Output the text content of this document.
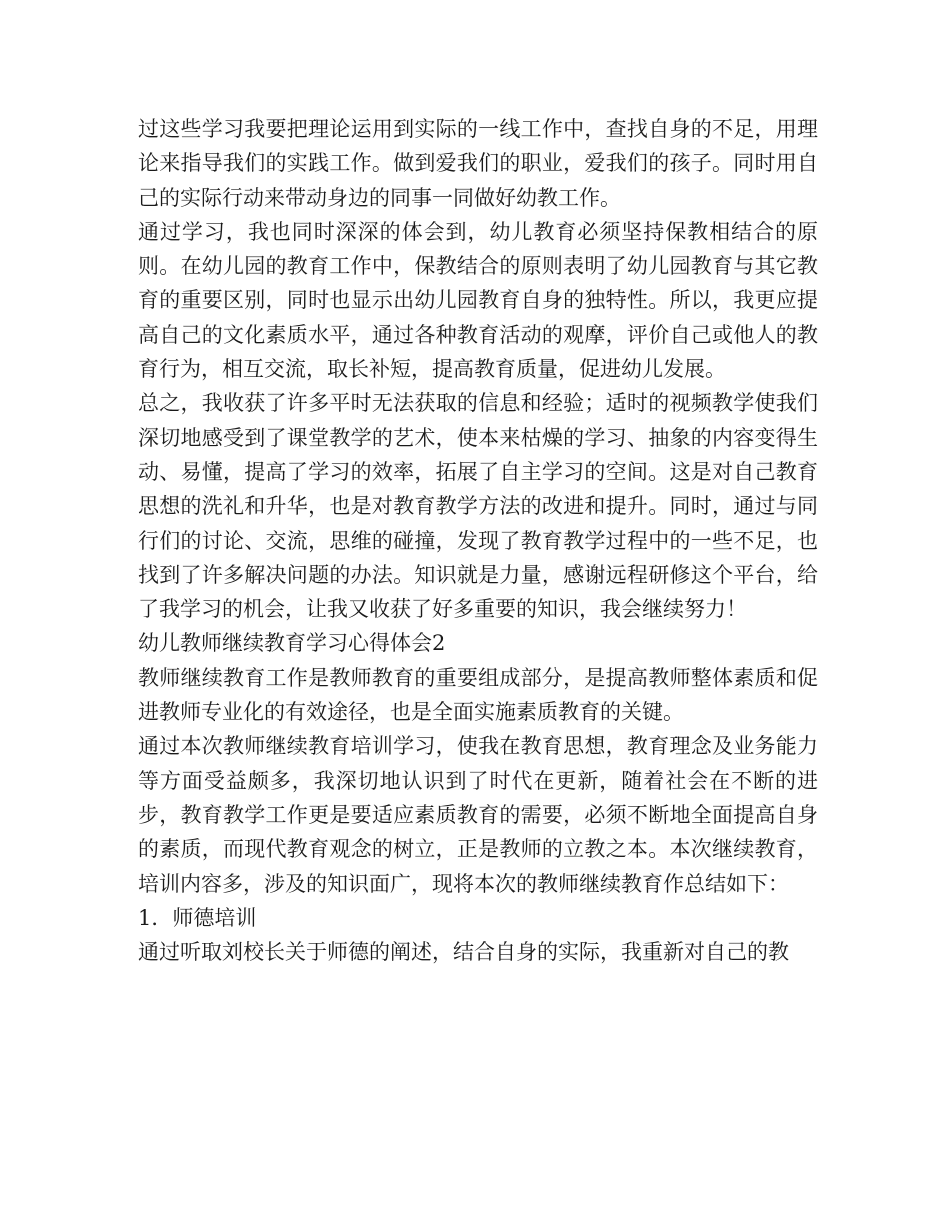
过这些学习我要把理论运用到实际的一线工作中，查找自身的不足，用理论来指导我们的实践工作。做到爱我们的职业，爱我们的孩子。同时用自己的实际行动来带动身边的同事一同做好幼教工作。

通过学习，我也同时深深的体会到，幼儿教育必须坚持保教相结合的原则。在幼儿园的教育工作中，保教结合的原则表明了幼儿园教育与其它教育的重要区别，同时也显示出幼儿园教育自身的独特性。所以，我更应提高自己的文化素质水平，通过各种教育活动的观摩，评价自己或他人的教育行为，相互交流，取长补短，提高教育质量，促进幼儿发展。

总之，我收获了许多平时无法获取的信息和经验；适时的视频教学使我们深切地感受到了课堂教学的艺术，使本来枯燥的学习、抽象的内容变得生动、易懂，提高了学习的效率，拓展了自主学习的空间。这是对自己教育思想的洗礼和升华，也是对教育教学方法的改进和提升。同时，通过与同行们的讨论、交流，思维的碰撞，发现了教育教学过程中的一些不足，也找到了许多解决问题的办法。知识就是力量，感谢远程研修这个平台，给了我学习的机会，让我又收获了好多重要的知识，我会继续努力！

幼儿教师继续教育学习心得体会2

教师继续教育工作是教师教育的重要组成部分，是提高教师整体素质和促进教师专业化的有效途径，也是全面实施素质教育的关键。

通过本次教师继续教育培训学习，使我在教育思想，教育理念及业务能力等方面受益颇多，我深切地认识到了时代在更新，随着社会在不断的进步，教育教学工作更是要适应素质教育的需要，必须不断地全面提高自身的素质，而现代教育观念的树立，正是教师的立教之本。本次继续教育，培训内容多，涉及的知识面广，现将本次的教师继续教育作总结如下：

1．师德培训

通过听取刘校长关于师德的阐述，结合自身的实际，我重新对自己的教
